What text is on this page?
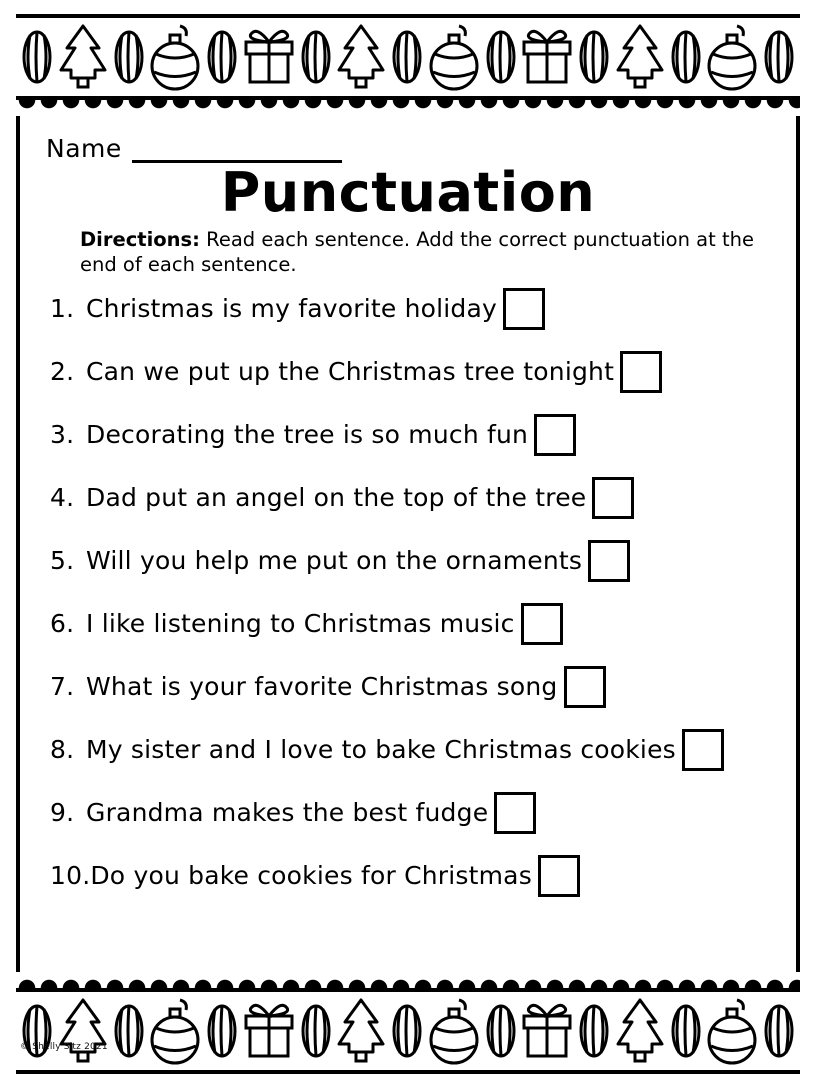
Name
Punctuation
Directions: Read each sentence. Add the correct punctuation at the end of each sentence.
1. Christmas is my favorite holiday
2. Can we put up the Christmas tree tonight
3. Decorating the tree is so much fun
4. Dad put an angel on the top of the tree
5. Will you help me put on the ornaments
6. I like listening to Christmas music
7. What is your favorite Christmas song
8. My sister and I love to bake Christmas cookies
9. Grandma makes the best fudge
10. Do you bake cookies for Christmas
© Shelly Sitz 2021
